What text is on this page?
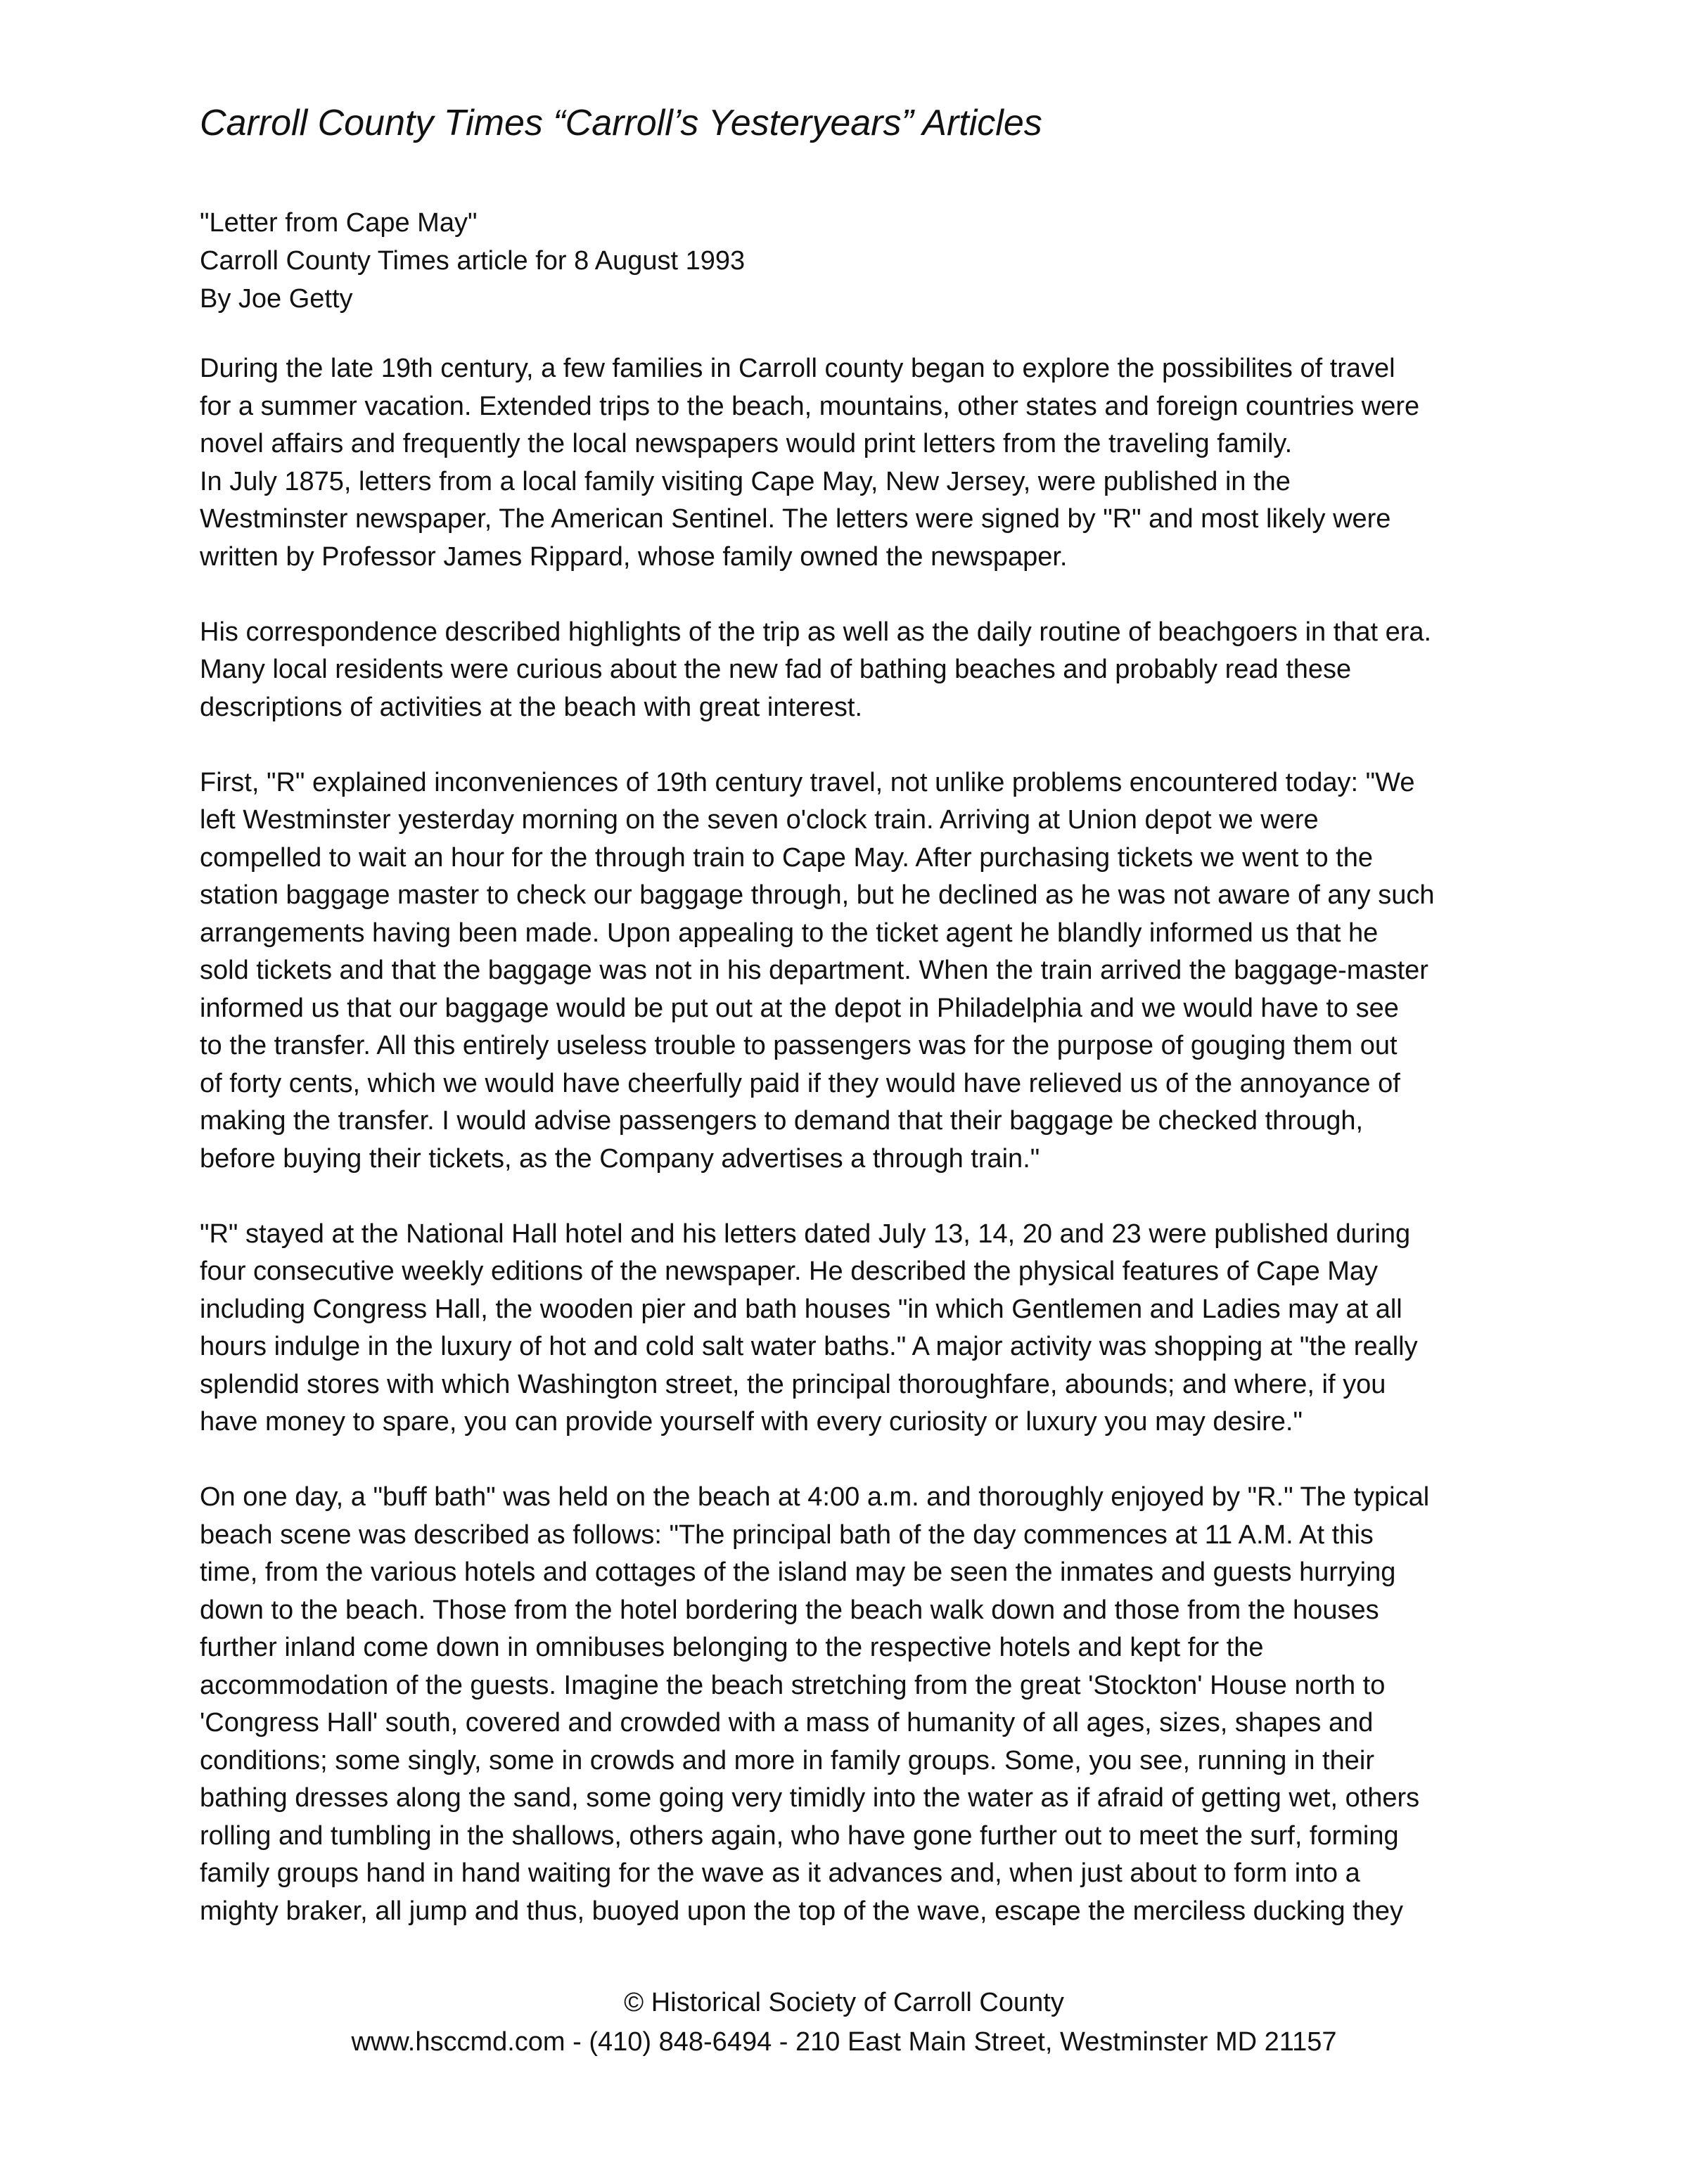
Carroll County Times “Carroll’s Yesteryears” Articles
"Letter from Cape May"
Carroll County Times article for 8 August 1993
By Joe Getty

During the late 19th century, a few families in Carroll county began to explore the possibilites of travel
for a summer vacation. Extended trips to the beach, mountains, other states and foreign countries were
novel affairs and frequently the local newspapers would print letters from the traveling family.

In July 1875, letters from a local family visiting Cape May, New Jersey, were published in the
Westminster newspaper, The American Sentinel. The letters were signed by "R" and most likely were
written by Professor James Rippard, whose family owned the newspaper.

His correspondence described highlights of the trip as well as the daily routine of beachgoers in that era.
Many local residents were curious about the new fad of bathing beaches and probably read these
descriptions of activities at the beach with great interest.

First, "R" explained inconveniences of 19th century travel, not unlike problems encountered today: "We
left Westminster yesterday morning on the seven o'clock train. Arriving at Union depot we were
compelled to wait an hour for the through train to Cape May. After purchasing tickets we went to the
station baggage master to check our baggage through, but he declined as he was not aware of any such
arrangements having been made. Upon appealing to the ticket agent he blandly informed us that he
sold tickets and that the baggage was not in his department. When the train arrived the baggage-master
informed us that our baggage would be put out at the depot in Philadelphia and we would have to see
to the transfer. All this entirely useless trouble to passengers was for the purpose of gouging them out
of forty cents, which we would have cheerfully paid if they would have relieved us of the annoyance of
making the transfer. I would advise passengers to demand that their baggage be checked through,
before buying their tickets, as the Company advertises a through train."

"R" stayed at the National Hall hotel and his letters dated July 13, 14, 20 and 23 were published during
four consecutive weekly editions of the newspaper. He described the physical features of Cape May
including Congress Hall, the wooden pier and bath houses "in which Gentlemen and Ladies may at all
hours indulge in the luxury of hot and cold salt water baths." A major activity was shopping at "the really
splendid stores with which Washington street, the principal thoroughfare, abounds; and where, if you
have money to spare, you can provide yourself with every curiosity or luxury you may desire."

On one day, a "buff bath" was held on the beach at 4:00 a.m. and thoroughly enjoyed by "R." The typical
beach scene was described as follows: "The principal bath of the day commences at 11 A.M. At this
time, from the various hotels and cottages of the island may be seen the inmates and guests hurrying
down to the beach. Those from the hotel bordering the beach walk down and those from the houses
further inland come down in omnibuses belonging to the respective hotels and kept for the
accommodation of the guests. Imagine the beach stretching from the great 'Stockton' House north to
'Congress Hall' south, covered and crowded with a mass of humanity of all ages, sizes, shapes and
conditions; some singly, some in crowds and more in family groups. Some, you see, running in their
bathing dresses along the sand, some going very timidly into the water as if afraid of getting wet, others
rolling and tumbling in the shallows, others again, who have gone further out to meet the surf, forming
family groups hand in hand waiting for the wave as it advances and, when just about to form into a
mighty braker, all jump and thus, buoyed upon the top of the wave, escape the merciless ducking they

© Historical Society of Carroll County
www.hsccmd.com - (410) 848-6494 - 210 East Main Street, Westminster MD 21157
